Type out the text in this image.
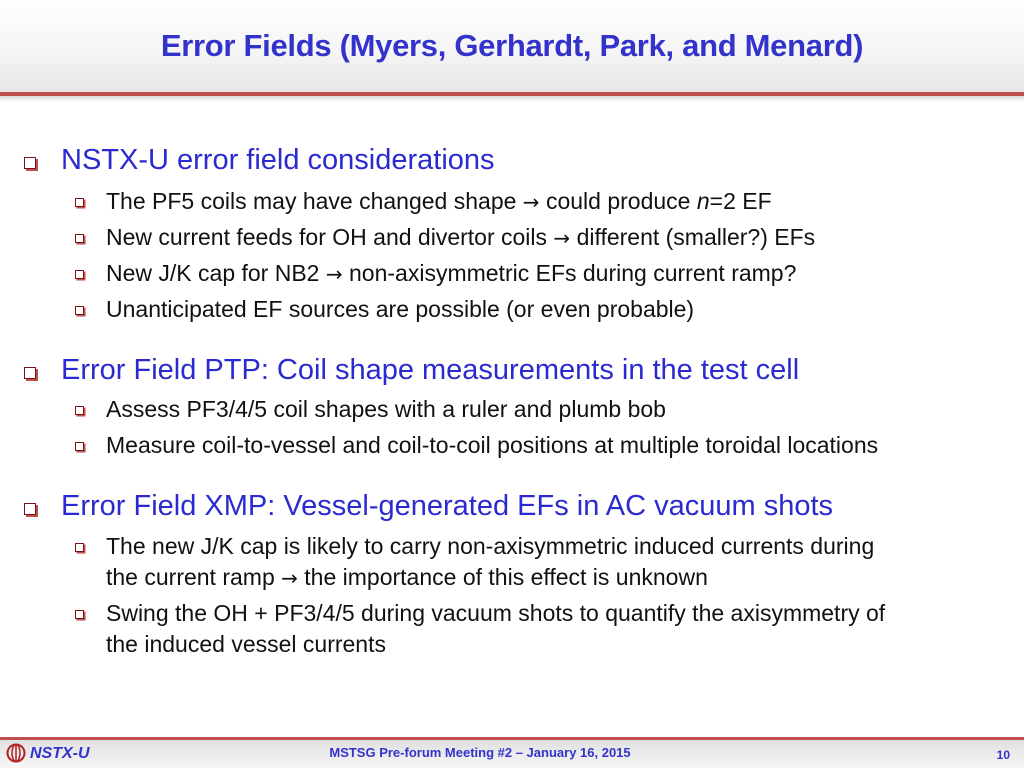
Error Fields (Myers, Gerhardt, Park, and Menard)
NSTX-U error field considerations
The PF5 coils may have changed shape → could produce n=2 EF
New current feeds for OH and divertor coils → different (smaller?) EFs
New J/K cap for NB2 → non-axisymmetric EFs during current ramp?
Unanticipated EF sources are possible (or even probable)
Error Field PTP: Coil shape measurements in the test cell
Assess PF3/4/5 coil shapes with a ruler and plumb bob
Measure coil-to-vessel and coil-to-coil positions at multiple toroidal locations
Error Field XMP: Vessel-generated EFs in AC vacuum shots
The new J/K cap is likely to carry non-axisymmetric induced currents during
the current ramp → the importance of this effect is unknown
Swing the OH + PF3/4/5 during vacuum shots to quantify the axisymmetry of
the induced vessel currents
NSTX-U	MSTSG Pre-forum Meeting #2 – January 16, 2015	10
